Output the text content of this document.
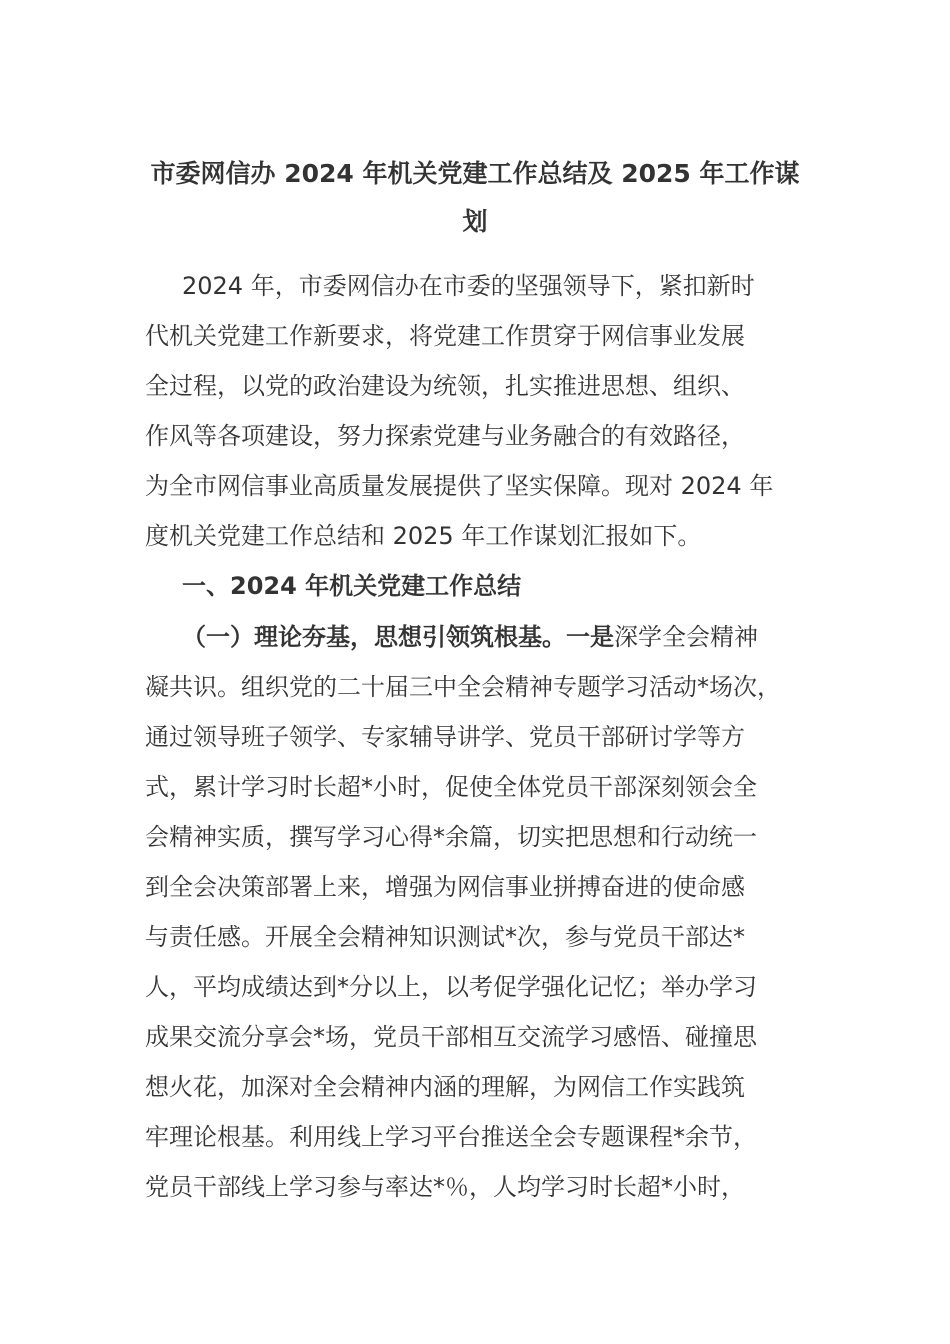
市委网信办 2024 年机关党建工作总结及 2025 年工作谋
划
2024 年，市委网信办在市委的坚强领导下，紧扣新时
代机关党建工作新要求，将党建工作贯穿于网信事业发展
全过程，以党的政治建设为统领，扎实推进思想、组织、
作风等各项建设，努力探索党建与业务融合的有效路径，
为全市网信事业高质量发展提供了坚实保障。现对 2024 年
度机关党建工作总结和 2025 年工作谋划汇报如下。
一、2024 年机关党建工作总结
（一）理论夯基，思想引领筑根基。一是深学全会精神
凝共识。组织党的二十届三中全会精神专题学习活动*场次，
通过领导班子领学、专家辅导讲学、党员干部研讨学等方
式，累计学习时长超*小时，促使全体党员干部深刻领会全
会精神实质，撰写学习心得*余篇，切实把思想和行动统一
到全会决策部署上来，增强为网信事业拼搏奋进的使命感
与责任感。开展全会精神知识测试*次，参与党员干部达*
人，平均成绩达到*分以上，以考促学强化记忆；举办学习
成果交流分享会*场，党员干部相互交流学习感悟、碰撞思
想火花，加深对全会精神内涵的理解，为网信工作实践筑
牢理论根基。利用线上学习平台推送全会专题课程*余节，
党员干部线上学习参与率达*％，人均学习时长超*小时，
